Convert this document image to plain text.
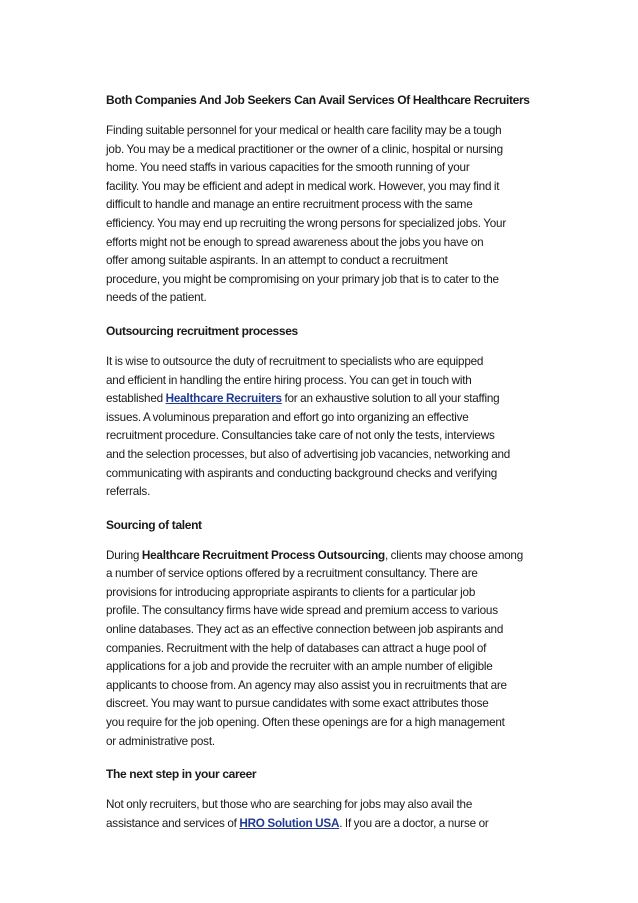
Both Companies And Job Seekers Can Avail Services Of Healthcare Recruiters

Finding suitable personnel for your medical or health care facility may be a tough
job. You may be a medical practitioner or the owner of a clinic, hospital or nursing
home. You need staffs in various capacities for the smooth running of your
facility. You may be efficient and adept in medical work. However, you may find it
difficult to handle and manage an entire recruitment process with the same
efficiency. You may end up recruiting the wrong persons for specialized jobs. Your
efforts might not be enough to spread awareness about the jobs you have on
offer among suitable aspirants. In an attempt to conduct a recruitment
procedure, you might be compromising on your primary job that is to cater to the
needs of the patient.

Outsourcing recruitment processes

It is wise to outsource the duty of recruitment to specialists who are equipped
and efficient in handling the entire hiring process. You can get in touch with
established Healthcare Recruiters for an exhaustive solution to all your staffing
issues. A voluminous preparation and effort go into organizing an effective
recruitment procedure. Consultancies take care of not only the tests, interviews
and the selection processes, but also of advertising job vacancies, networking and
communicating with aspirants and conducting background checks and verifying
referrals.

Sourcing of talent

During Healthcare Recruitment Process Outsourcing, clients may choose among
a number of service options offered by a recruitment consultancy. There are
provisions for introducing appropriate aspirants to clients for a particular job
profile. The consultancy firms have wide spread and premium access to various
online databases. They act as an effective connection between job aspirants and
companies. Recruitment with the help of databases can attract a huge pool of
applications for a job and provide the recruiter with an ample number of eligible
applicants to choose from. An agency may also assist you in recruitments that are
discreet. You may want to pursue candidates with some exact attributes those
you require for the job opening. Often these openings are for a high management
or administrative post.

The next step in your career

Not only recruiters, but those who are searching for jobs may also avail the
assistance and services of HRO Solution USA. If you are a doctor, a nurse or
